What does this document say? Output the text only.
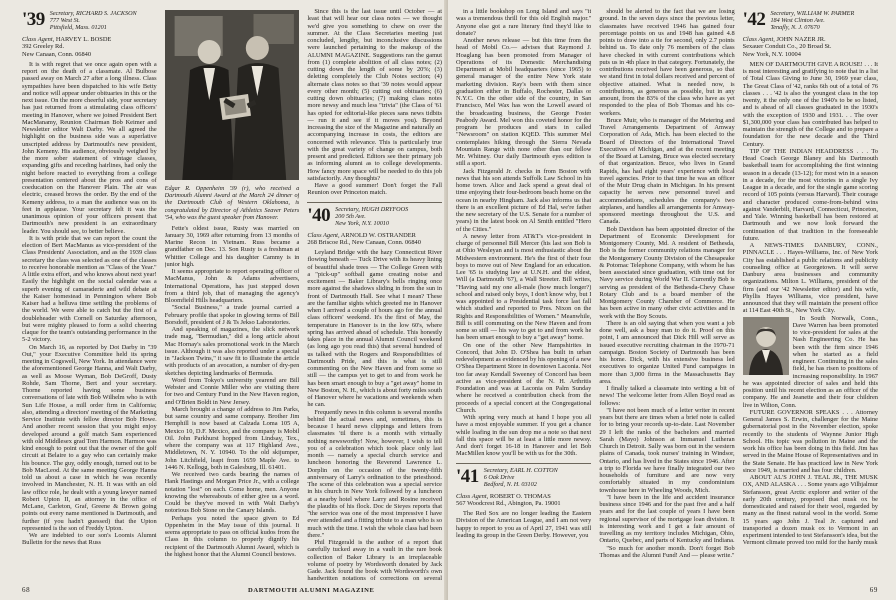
'39 Secretary, RICHARD S. JACKSON
777 West St.
Pittsfield, Mass. 01201
Class Agent, HARVEY L. BOSDE
392 Greeley Rd.
New Canaan, Conn. 06840

It is with regret that we once again open with a report on the death of a classmate. Al Bulbose passed away on March 27 after a long illness. Class sympathies have been dispatched to his wife Betty and notice will appear under obituaries in this or the next issue. On the more cheerful side, your secretary has just returned from a stimulating class officers' meeting in Hanover, where we joined President Bert MacManamy, Reunion Chairman Bob Keimer and Newsletter editor Walt Darby. We all agreed the highlight on the business side was a superlative unscripted address by Dartmouth's new president, John Kemeny. His audience, obviously weighed by the more sober statement of vintage classes, expanding gifts and receding hairlines, had only the night before reacted to everything from a college presentation centered about the pros and cons of coeducation on the Hanover Plain. The air was electric, creased brows the order. By the end of the Kemeny address, to a man the audience was on its feet in applause. Your secretary felt it was the unanimous opinion of your officers present that Dartmouth's new president is an extraordinary leader. You should see, to better believe.

It is with pride that we can report the count the election of Bert MacManus as vice-president of the Class Presidents' Association, and as the 1939 class secretary the class was selected as one of the classes to receive honorable mention as "Class of the Year." A little extra effort, and who knows about next year! Easily the highlight on the social calendar was a superb evening of camaraderie and wild debate at the Kaiser homestead in Pennington where Bob Kaiser had a helluva time settling the problems of the world. We were able to catch but the first of a doubleheader with Cornell on Saturday afternoon, but were mighty pleased to form a solid cheering claque for the team's outstanding performance in the 5-2 victory.

On March 16, as reported by Dot Darby in "39 Out," your Executive Committee held its spring meeting in Cogswell, New York. In attendance were the aforementioned George Hanna, and Walt Darby, as well as Moose Wyman, Bob DeGroff, Dusty Rohde, Sam Thorne, Bert and your secretary. Thorne reported having some business conversations of late with Bob Wilhelm who is with Sun Life House, a mill order firm in California; also, attending a directors' meeting of the Marketing Service Institute with fellow director Bob Howe. And another recent session that you might enjoy developed around a golf match Sam experienced with old Middlesex grad Tom Harmon. Harmon was kind enough to point out that the owner of the golf circuit at Belaire to a guy who can certainly make his bounce. The guy, oddly enough, turned out to be Bob MacLeod. At the same meeting George Hanna told us about a case in which he was recently involved in Manchester, N. H. It was with an old law office role, he dealt with a young lawyer named Robert Upton II, an attorney in the office of McLane, Carleton, Graf, Greene & Brown going points out every name mentioned is Dartmouth, and further (if you hadn't guessed) that the Upton represented is the son of Freddy Upton.

We are indebted to our son's Loomis Alumni Bulletin for the news that Russ

Edgar R. Oppenheim '39 (r), who received a Dartmouth Alumni Award at the March 24 dinner of the Dartmouth Club of Western Oklahoma, is congratulated by Director of Athletics Seaver Peters '54, who was the guest speaker from Hanover.

Fette's oldest issue, Rusty was married on January 30, 1969 after returning from 13 months of Marine Recon in Vietnam. Russ became a grandfather on Dec. 13. Son Rusty is a freshman at Whittier College and his daughter Cammy is in junior high.

It seems appropriate to report operating officer of MacManus, John & Adams advertisers, International Operations, has just stepped down from a third job, that of managing the agency's Bloomfield Hills headquarters.

"Social Business," a trade journal carried a February profile that spoke in glowing terms of Bill Borsdoff, president of J & Ts Jekso Laboratories.

And speaking of magazines, the slick network trade mag, "Bermudian," did a long article about Mac Hornay's sales promotional work in the March issue. Although it was also reported under a special in "Jackson Twins," it saw fit to illustrate the article with products of an avocation, a number of dry-pen sketches depicting landmarks of Bermuda.

Word from Tokyo's university yearend are Bill Webster and Connie Miller who are visiting there for two and Century Fund in the New Haven region, and O'Brien Boldt in New Jersey.

March brought a change of address to Jim Parks, but same country and same company. Brother Jim Hemphill is now based at Calzada Loma 105 A, Mexico 10, D.F. Mexico, and the company is Mobil Oil. John Parkhurst hopped from Lindsay, Tex., where the company was at 117 Highland Ave., Middletown, N. Y. 10940. To the old skijumper, John Litchfield, leapt from 1659 Maple Ave. to 1446 N. Kellogg, both in Galesburg, Ill. 61401.

We received two cards bearing the names of Hank Hastings and Morgan Price Jr., with a college notation "lost" on each. Come home, men. Anyone knowing the whereabouts of either give us a word. Could be they've moved in with Walt Darby's notorious Bob Stone on the Canary Islands.

Perhaps you noted the space given to Ed Oppenheim in the May issue of this journal. It seems appropriate to pass on official kudos from the Class in this column to properly dignify his recipient of the Dartmouth Alumni Award, which is the highest honor that the Alumni Council bestows.

Since this is the last issue until October — at least that will hear our class notes — we thought we'd give you something to chew on over the summer. At the Class Secretaries meeting just concluded, lengthy, but inconclusive discussions were launched pertaining to the makeup of the ALUMNI MAGAZINE. Suggestions ran the gamut from (1) complete abolition of all class notes; (2) cutting down the length of some by 20%; (3) deleting completely the Club Notes section; (4) alternate class notes so that '39 notes would appear every other month; (5) cutting out obituaries; (6) cutting down obituaries; (7) making class notes more newsy and much less "trivia" (the Class of '61 has opted for editorial-like pieces sans news tidbits — run it and see if it moves you). Beyond increasing the size of the Magazine and naturally an accompanying increase in costs, the editors are concerned with relevance. This is particularly true with the great variety of change on campus, both present and predicted. Editors see their primary job as informing alumni as to college developments. How fancy more space will be needed to do this job satisfactorily. Any thoughts?

Have a good summer! Don't forget the Fall Reunion over Princeton match.

'40 Secretary, HUGH DRYFOOS
200 5th Ave.
New York, N.Y. 10010
Class Agent, ARNOLD W. OSTRANDER
268 Briscoe Rd., New Canaan, Conn. 06840

Leyland Bridge with the hazy Connecticut River flowing beneath — Tuck Drive with its heavy lining of beautiful shade trees — The College Green with a "pick-up" softball game creating noise and excitement — Baker Library's bells ringing once more against the shadows sliding in from the sun in front of Dartmouth Hall. See what I mean? These are the familiar sights which greeted me in Hanover when I arrived a couple of hours ago for the annual class officers' weekend. It's the first of May, the temperature in Hanover is in the low 60's, where spring has arrived ahead of schedule. This honestly takes place in the annual Alumni Council weekend (as long ago you read this) that several hundred of us talked with the Rogers and Responsibilities of Dartmouth Pride, and this is what is still commenting on the New Haven and from some so still — the campus yet to get to and from work he has been smart enough to buy a "get away" home in New Boston, N. H., which is about forty miles south of Hanover where he vacations and weekends when he can.

Frequently news in this column is several months behind the actual news and, sometimes, this is because I heard news clippings and letters from classmates 'til there is a month with virtually nothing newsworthy! Now, however, I wish to tell you of a celebration which took place only last month — namely a special church service and luncheon honoring the Reverend Lawrence L. Dorplin on the occasion of the twenty-fifth anniversary of Larry's ordination to the priesthood. The scene of this celebration was a special service in his church in New York followed by a luncheon at a nearby hotel where Larry and Rosine received the plaudits of his flock. Doc de Sieyes reports that "the service was one of the most impressive I have ever attended and a fitting tribute to a man who is so much with the time. I wish the whole class had been there."

Phil Fitzgerald is the author of a report that carefully tucked away in a vault in the rare book collection of Baker Library is an irreplaceable volume of poetry by Wordsworth donated by Jack Gade. Jack found the book with Wordsworth's own handwritten notations of corrections on several

68	DARTMOUTH ALUMNI MAGAZINE

in a little bookshop on Long Island and says "it was a tremendous thrill for this old English major." Anyone else got a rare literary find they'd like to donate?

Another news release — but this time from the head of Mobil Co.— advises that Raymond J. Hoaglang has been promoted from Manager of Operations of its Domestic Merchandising Department at Mobil headquarters (since 1965) to general manager of the entire New York state marketing division. Ray's been with them since graduation either in Buffalo, Rochester, Dallas or N.Y.C. On the other side of the country, in San Francisco, Mel Wax has won the Lowell award of the broadcasting business, the George Foster Peabody Award. Mel won this coveted honor for the program he produces and stars in called "Newsroom" on station KQED. This summer Mel contemplates hiking through the Sierra Nevada Mountain Range with none other than our fellow Mr. Whitney. Our daily Dartmouth eyes edition is still a sport.

Jack Fitzgerald Jr. checks in from Boston with news that his son attends Suffolk Law School in his home town. Alice and Jack spend a great deal of time enjoying their four-bedroom beach home on the ocean in nearby Hingham. Jack also informs us that there is an excellent picture of Ed Hal, we're father the new secretary of the U.S. Senate for a number of years) in the latest book on Al Smith entitled "Hero of the Cities."

A newsy letter from AT&T's vice-president in charge of personnel Bill Mercer (his last son Bob is at Ohio Wesleyan and is most enthusiastic about the Midwestern environment. He's the first of their four boys to move out of New England for an education. Lee '65 is studying law at U.N.H. and the eldest, Will (a Dartmouth '67), a Wall Streeter. Bill writes, "Having said my one all-male (how much longer?) school and raised only boys, I don't know why, but I was appointed to a Presidential task force last fall which studied and reported to Pres. Nixon on the Rights and Responsibilities of Women." Meanwhile, Bill is still commuting on the New Haven and from some so still — his way to get to and from work he has been smart enough to buy a "get away" home.

On one of the other New Hampshirites in Concord, that John D. O'Shea has built in urban redevelopment as evidenced by his opening of a new O'Shea Department Store in downtown Laconia. Not too far away Kendall Sweeney of Concord has been active as vice-president of the N. H. Arthritis Foundation and was at Laconia on Palm Sunday where he received a contribution check from the proceeds of a special concert at the Congregational Church.

With spring very much at hand I hope you all have a most enjoyable summer. If you get a chance while loafing in the sun drop me a note so that next fall this space will be at least a little more newsy. And don't forget 16-18 in Hanover and let Bob MacMillen know you'll be with us for the 30th.

'41 Secretary, EARL H. COTTON
6 Oak Drive
Bedford, N. H. 03102
Class Agent, ROBERT O. THOMAS
567 Woodcrest Rd., Abington, Pa. 19001

The Red Sox are no longer leading the Eastern Division of the American League, and I am not very happy to report to you as of April 27, 1941 was still leading its group in the Green Derby. However, you

should be alerted to the fact that we are losing ground. In the seven days since the previous letter, classmates have received 1946 has gained four percentage points on us and 1948 has gained 4.8 points to draw into a tie for second, only 2.7 points behind us. To date only 76 members of the class have checked in with current contributions which puts us in 4th place in that category. Fortunately, the contributions received have been generous, so that we stand first in total dollars received and percent of objective attained. What is needed now, is contributions, as generous as possible, but in any amount, from the 83% of the class who have as yet responded to the plea of Bob Thomas and his co-workers.

Bruce Muir, who is manager of the Metering and Travel Arrangements Department of Amway Corporation of Ada, Mich. has been elected to the Board of Directors of the International Travel Executives of Michigan, and at the recent meeting of the Board at Lansing, Bruce was elected secretary of that organization. Bruce, who lives in Grand Rapids, has had eight years' experience with local travel agencies. Prior to that time he was an officer of the Muir Drug chain in Michigan. In his present capacity he serves new personnel travel and accommodations, schedules the company's two airplanes, and handles all arrangements for Amway-sponsored meetings throughout the U.S. and Canada.

Bob Davidson has been appointed director of the Department of Economic Development for Montgomery County, Md. A resident of Bethesda, Bob is the former community relations manager for the Montgomery County Division of the Chesapeake & Potomac Telephone Company, with whom he has been associated since graduation, with time out for Navy service during World War II. Currently Bob is serving as president of the Bethesda-Chevy Chase Rotary Club and is a board member of the Montgomery County Chamber of Commerce. He has been active in many other civic activities and in work with the Boy Scouts.

There is an old saying that when you want a job done well, ask a busy man to do it. Proof on this point, I am announced that Dick Hill will serve as issued executive recruiting chairman in the 1970-71 campaign. Boston Society of Dartmouth has been his home. Dick, with his extensive business led executives to organize United Fund campaigns in more than 3,000 firms in the Massachusetts Bay area.

I finally talked a classmate into writing a bit of news! The welcome letter from Allen Boyd read as follows:

"I have not been much of a letter writer in recent years but there are times when a brief note is called for to bring your records up-to-date. Last November 29 I left the ranks of the bachelors and married Sarah (Mayo) Johnson at Immanuel Lutheran Church in Detroit. Sally was born out in the western plains of Canada, took nurses' training in Windsor, Ontario, and has lived in the States since 1946. After a trip to Florida we have finally integrated our two households of furniture and are now very comfortably situated in my condominium townhouse here in Wheeling Woods, Mich.

"I have been in the life and accident insurance business since 1946 and for the past five and a half years and for the last couple of years I have been regional supervisor of the mortgage loan division. It is interesting work and I get a fair amount of travelling as my territory includes Michigan, Ohio, Ontario, Quebec, and parts of Kentucky and Indiana.

"So much for another month. Don't forget Bob Thomas and the Alumni Fund! And — please write."

'42 Secretary, WILLIAM W. PARMER
184 West Clinton Ave.
Tenafly, N. J. 07670
Class Agent, JOHN NAZER JR.
Sexauer Conduit Co., 20 Broad St.
New York, N.Y. 10004

MEN OF DARTMOUTH GIVE A ROUSE! . . . It is most interesting and gratifying to note that in a list of Total Class Giving to June 30, 1969 year class, The Great Class of '42, ranks 6th out of a total of 76 classes . . . '42 is also the youngest class in the top twenty, it the only one of the 1940's to be so listed, and is ahead of all classes graduated in the 1930's with the exception of 1930 and 1931. . . The over $1,300,000 your class has contributed has helped to maintain the strength of the College and to prepare a foundation for the new decade and the Third Century.

TIP OF THE INDIAN HEADDRESS . . . To Head Coach George Blaney and his Dartmouth basketball team for accomplishing the first winning season in a decade (13-12); for most win in a season in a decade, for the most victories in a single Ivy League in a decade, and for the single game scoring record of 105 points (versus Harvard). Their courage and character produced come-from-behind wins against Vanderbilt, Harvard, Connecticut, Princeton, and Yale. Winning basketball has been restored at Dartmouth and we now look forward the continuation of that tradition in the foreseeable future.

A NEWS-TIMES DANBURY, CONN., PINNACLE . . . Hayes-Williams, Inc. of New York City has established a public relations and publicity counseling office at Georgetown. It will serve Danbury area businesses and community organizations. Milton L. Williams, president of the firm (and our '42 Newsletter editor) and his wife, Phyllis Hayes Williams, vice president, have announced that they will maintain the present office at 114 East 40th St., New York City.

In South Norwalk, Conn., Dave Warren has been promoted to vice-president for sales at the Nash Engineering Co. He has been with the firm since 1946 when he started as a field engineer. Continuing in the sales field, he has risen to positions of increasing responsibility. In 1967 he was appointed director of sales and held this position until his recent election as an officer of the company. He and Jeanette and their four children live in Wilton, Conn.

FUTURE GOVERNOR SPEAKS . . . Attorney General James S. Erwin, challenger for the Maine gubernatorial post in the November election, spoke recently to the students of Waynne Junior High School. His topic was pollution in Maine and the work his office has been doing in this field. Jim has served in the Maine House of Representatives and in the State Senate. He has practiced law in New York since 1949, is married and has four children.

ABOUT AL'S JOHN J. TEAL JR., THE MUSK OX, AND ALASKA . . . Some years ago Vilhjalmur Stefansson, great Arctic explorer and writer of the early 20th century, proposed that musk ox be domesticated and raised for their wool, regarded by many as the finest natural wool in the world. Some 15 years ago John J. Teal Jr. captured and transported a dozen musk ox to Vermont in an experiment intended to test Stefansson's idea, but the Vermont climate proved too mild for the hardy musk

69
